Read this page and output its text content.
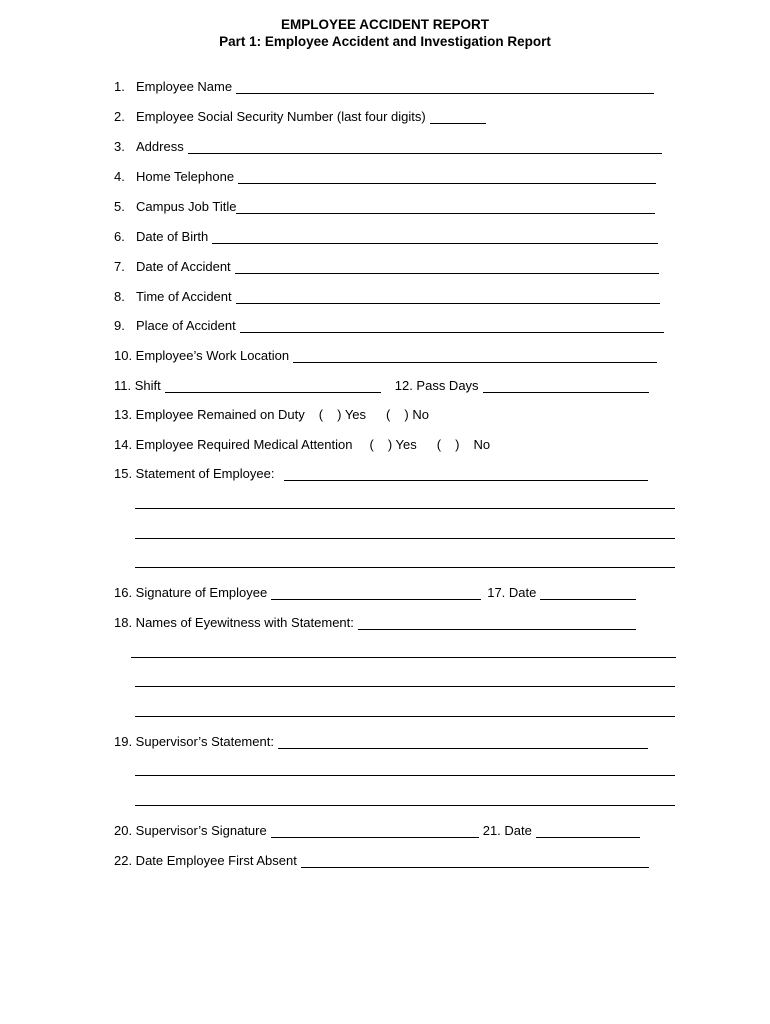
EMPLOYEE ACCIDENT REPORT
Part 1: Employee Accident and Investigation Report
1. Employee Name
2. Employee Social Security Number (last four digits)
3. Address
4. Home Telephone
5. Campus Job Title
6. Date of Birth
7. Date of Accident
8. Time of Accident
9. Place of Accident
10. Employee’s Work Location
11. Shift	12. Pass Days
13. Employee Remained on Duty ( ) Yes ( ) No
14. Employee Required Medical Attention ( ) Yes ( ) No
15. Statement of Employee:
16. Signature of Employee	17. Date
18. Names of Eyewitness with Statement:
19. Supervisor’s Statement:
20. Supervisor’s Signature	21. Date
22. Date Employee First Absent
